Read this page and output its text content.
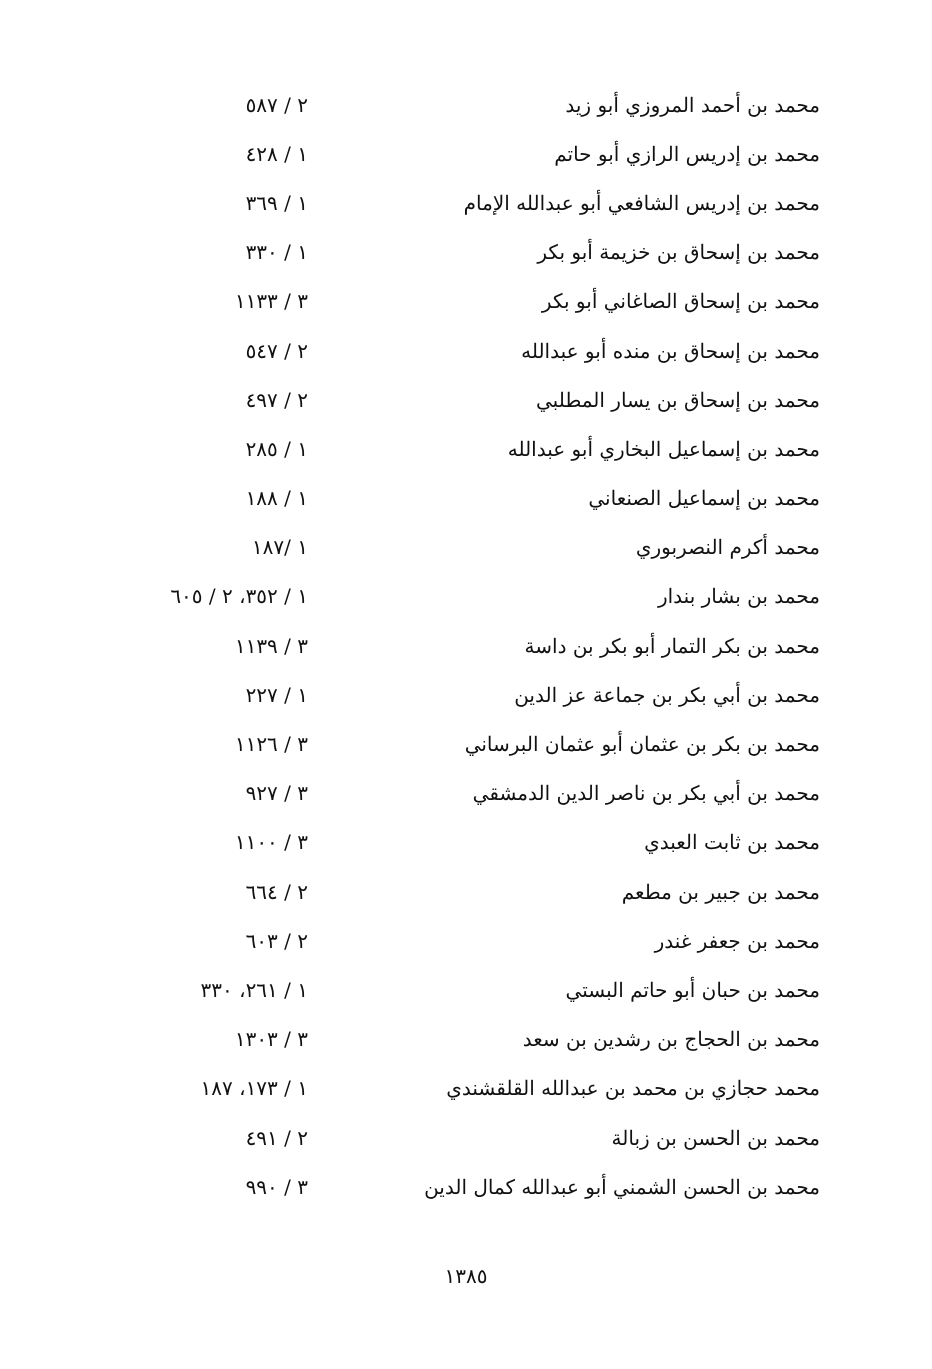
محمد بن أحمد المروزي أبو زيد
٢ / ٥٨٧
محمد بن إدريس الرازي أبو حاتم
١ / ٤٢٨
محمد بن إدريس الشافعي أبو عبدالله الإمام
١ / ٣٦٩
محمد بن إسحاق بن خزيمة أبو بكر
١ / ٣٣٠
محمد بن إسحاق الصاغاني أبو بكر
٣ / ١١٣٣
محمد بن إسحاق بن منده أبو عبدالله
٢ / ٥٤٧
محمد بن إسحاق بن يسار المطلبي
٢ / ٤٩٧
محمد بن إسماعيل البخاري أبو عبدالله
١ / ٢٨٥
محمد بن إسماعيل الصنعاني
١ / ١٨٨
محمد أكرم النصربوري
١ /١٨٧
محمد بن بشار بندار
١ / ٣٥٢، ٢ / ٦٠٥
محمد بن بكر التمار أبو بكر بن داسة
٣ / ١١٣٩
محمد بن أبي بكر بن جماعة عز الدين
١ / ٢٢٧
محمد بن بكر بن عثمان أبو عثمان البرساني
٣ / ١١٢٦
محمد بن أبي بكر بن ناصر الدين الدمشقي
٣ / ٩٢٧
محمد بن ثابت العبدي
٣ / ١١٠٠
محمد بن جبير بن مطعم
٢ / ٦٦٤
محمد بن جعفر غندر
٢ / ٦٠٣
محمد بن حبان أبو حاتم البستي
١ / ٢٦١، ٣٣٠
محمد بن الحجاج بن رشدين بن سعد
٣ / ١٣٠٣
محمد حجازي بن محمد بن عبدالله القلقشندي
١ / ١٧٣، ١٨٧
محمد بن الحسن بن زبالة
٢ / ٤٩١
محمد بن الحسن الشمني أبو عبدالله كمال الدين
٣ / ٩٩٠
١٣٨٥
